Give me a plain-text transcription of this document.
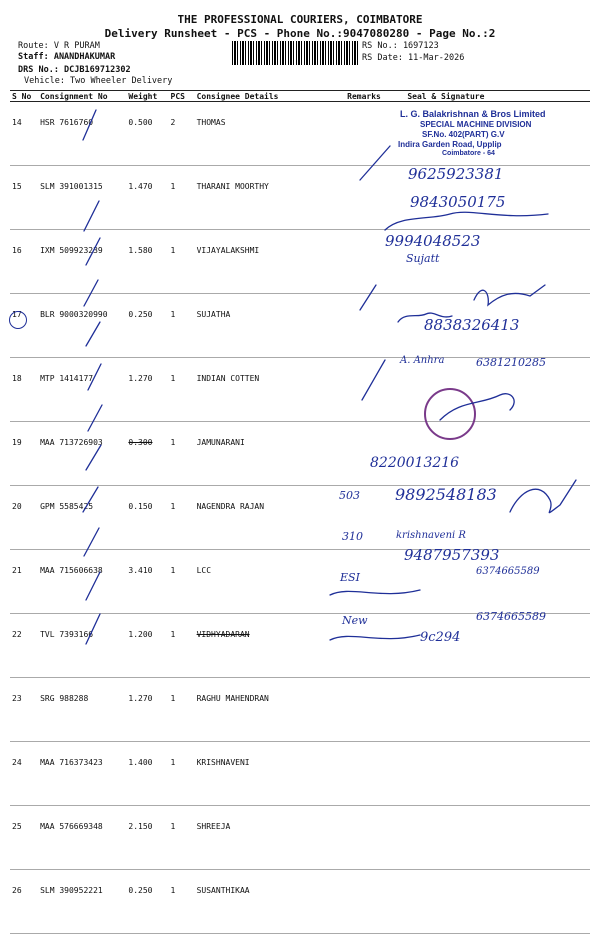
THE PROFESSIONAL COURIERS, COIMBATORE
Delivery Runsheet - PCS - Phone No.:9047080280 - Page No.:2
Route: V R PURAM
Staff: ANANDHAKUMAR
DRS No.: DCJB169712302
Vehicle: Two Wheeler Delivery
RS No.: 1697123
RS Date: 11-Mar-2026
S No	Consignment No	Weight	PCS	Consignee Details	Remarks	Seal & Signature
14	HSR 7616760	0.500	2	THOMAS		
15	SLM 391001315	1.470	1	THARANI MOORTHY		
16	IXM 509923239	1.580	1	VIJAYALAKSHMI		
17	BLR 9000320990	0.250	1	SUJATHA		
18	MTP 1414177	1.270	1	INDIAN COTTEN		
19	MAA 713726903	0.300	1	JAMUNARANI		
20	GPM 5585425	0.150	1	NAGENDRA RAJAN		
21	MAA 715606638	3.410	1	LCC		
22	TVL 7393166	1.200	1	VIDHYADARAN		
23	SRG 988288	1.270	1	RAGHU MAHENDRAN		
24	MAA 716373423	1.400	1	KRISHNAVENI		
25	MAA 576669348	2.150	1	SHREEJA		
26	SLM 390952221	0.250	1	SUSANTHIKAA		
L. G. Balakrishnan & Bros Limited
SPECIAL MACHINE DIVISION
SF.No. 402(PART) G.V
Indira Garden Road, Upplip
Coimbatore - 64
9625923381
9843050175
9994048523
Sujatt
8838326413
A. Anhra	6381210285
8220013216
503 9892548183
krishnaveni R
310
9487957393
ESI	6374665589
New	6374665589
9c294
